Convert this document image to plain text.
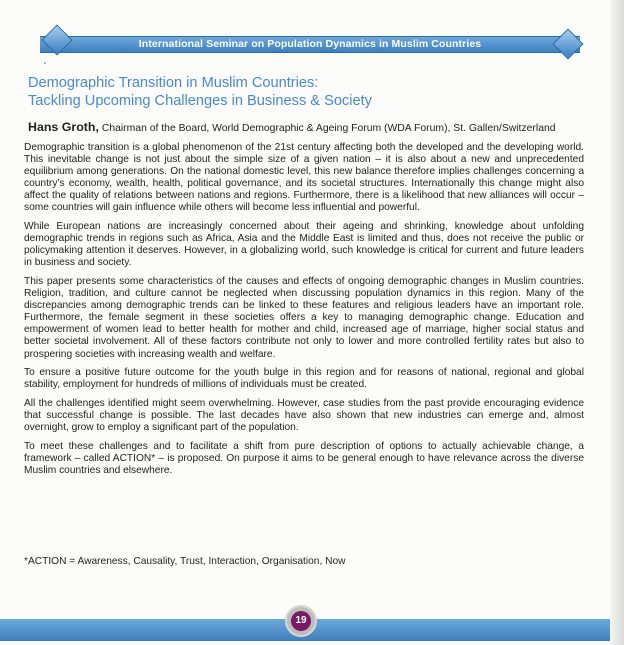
International Seminar on Population Dynamics in Muslim Countries
Demographic Transition in Muslim Countries:
Tackling Upcoming Challenges in Business & Society
Hans Groth, Chairman of the Board, World Demographic & Ageing Forum (WDA Forum), St. Gallen/Switzerland

Demographic transition is a global phenomenon of the 21st century affecting both the developed and the developing world. This inevitable change is not just about the simple size of a given nation – it is also about a new and unprecedented equilibrium among generations. On the national domestic level, this new balance therefore implies challenges concerning a country’s economy, wealth, health, political governance, and its societal structures. Internationally this change might also affect the quality of relations between nations and regions. Furthermore, there is a likelihood that new alliances will occur – some countries will gain influence while others will become less influential and powerful.

While European nations are increasingly concerned about their ageing and shrinking, knowledge about unfolding demographic trends in regions such as Africa, Asia and the Middle East is limited and thus, does not receive the public or policymaking attention it deserves. However, in a globalizing world, such knowledge is critical for current and future leaders in business and society.

This paper presents some characteristics of the causes and effects of ongoing demographic changes in Muslim countries. Religion, tradition, and culture cannot be neglected when discussing population dynamics in this region. Many of the discrepancies among demographic trends can be linked to these features and religious leaders have an important role. Furthermore, the female segment in these societies offers a key to managing demographic change. Education and empowerment of women lead to better health for mother and child, increased age of marriage, higher social status and better societal involvement. All of these factors contribute not only to lower and more controlled fertility rates but also to prospering societies with increasing wealth and welfare.

To ensure a positive future outcome for the youth bulge in this region and for reasons of national, regional and global stability, employment for hundreds of millions of individuals must be created.

All the challenges identified might seem overwhelming. However, case studies from the past provide encouraging evidence that successful change is possible. The last decades have also shown that new industries can emerge and, almost overnight, grow to employ a significant part of the population.

To meet these challenges and to facilitate a shift from pure description of options to actually achievable change, a framework – called ACTION* – is proposed. On purpose it aims to be general enough to have relevance across the diverse Muslim countries and elsewhere.

*ACTION = Awareness, Causality, Trust, Interaction, Organisation, Now
19
